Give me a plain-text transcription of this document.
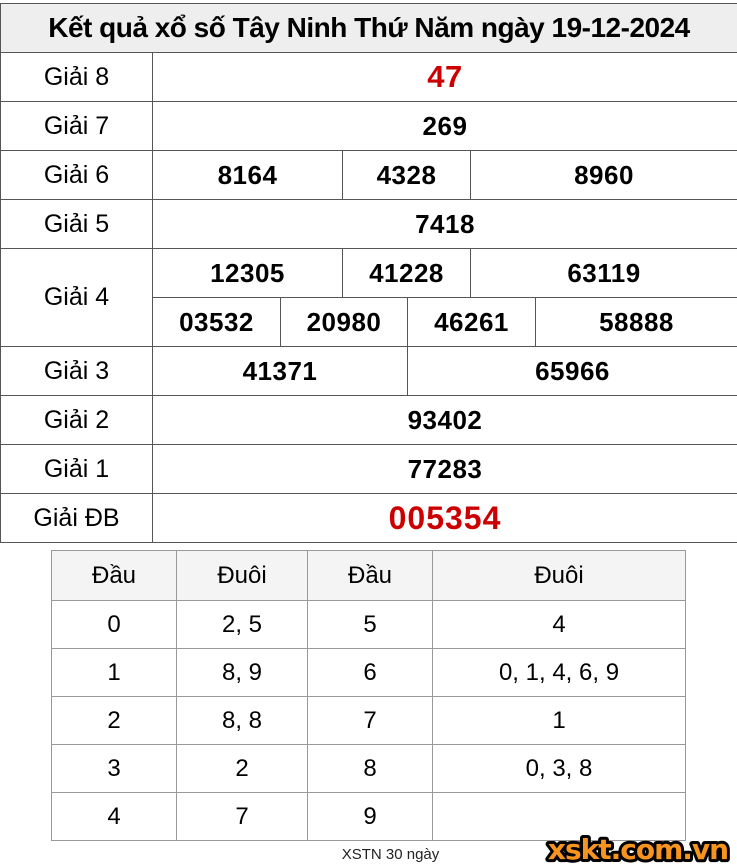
Kết quả xổ số Tây Ninh Thứ Năm ngày 19-12-2024						
Giải 8	47					
Giải 7	269					
Giải 6	8164		4328		8960	
Giải 5	7418					
Giải 4	12305		41228		63119	
	03532	20980		46261		58888
Giải 3	41371			65966		
Giải 2	93402					
Giải 1	77283					
Giải ĐB	005354					
Đầu	Đuôi	Đầu	Đuôi
0	2, 5	5	4
1	8, 9	6	0, 1, 4, 6, 9
2	8, 8	7	1
3	2	8	0, 3, 8
4	7	9	
XSTN 30 ngày	xskt.com.vn
